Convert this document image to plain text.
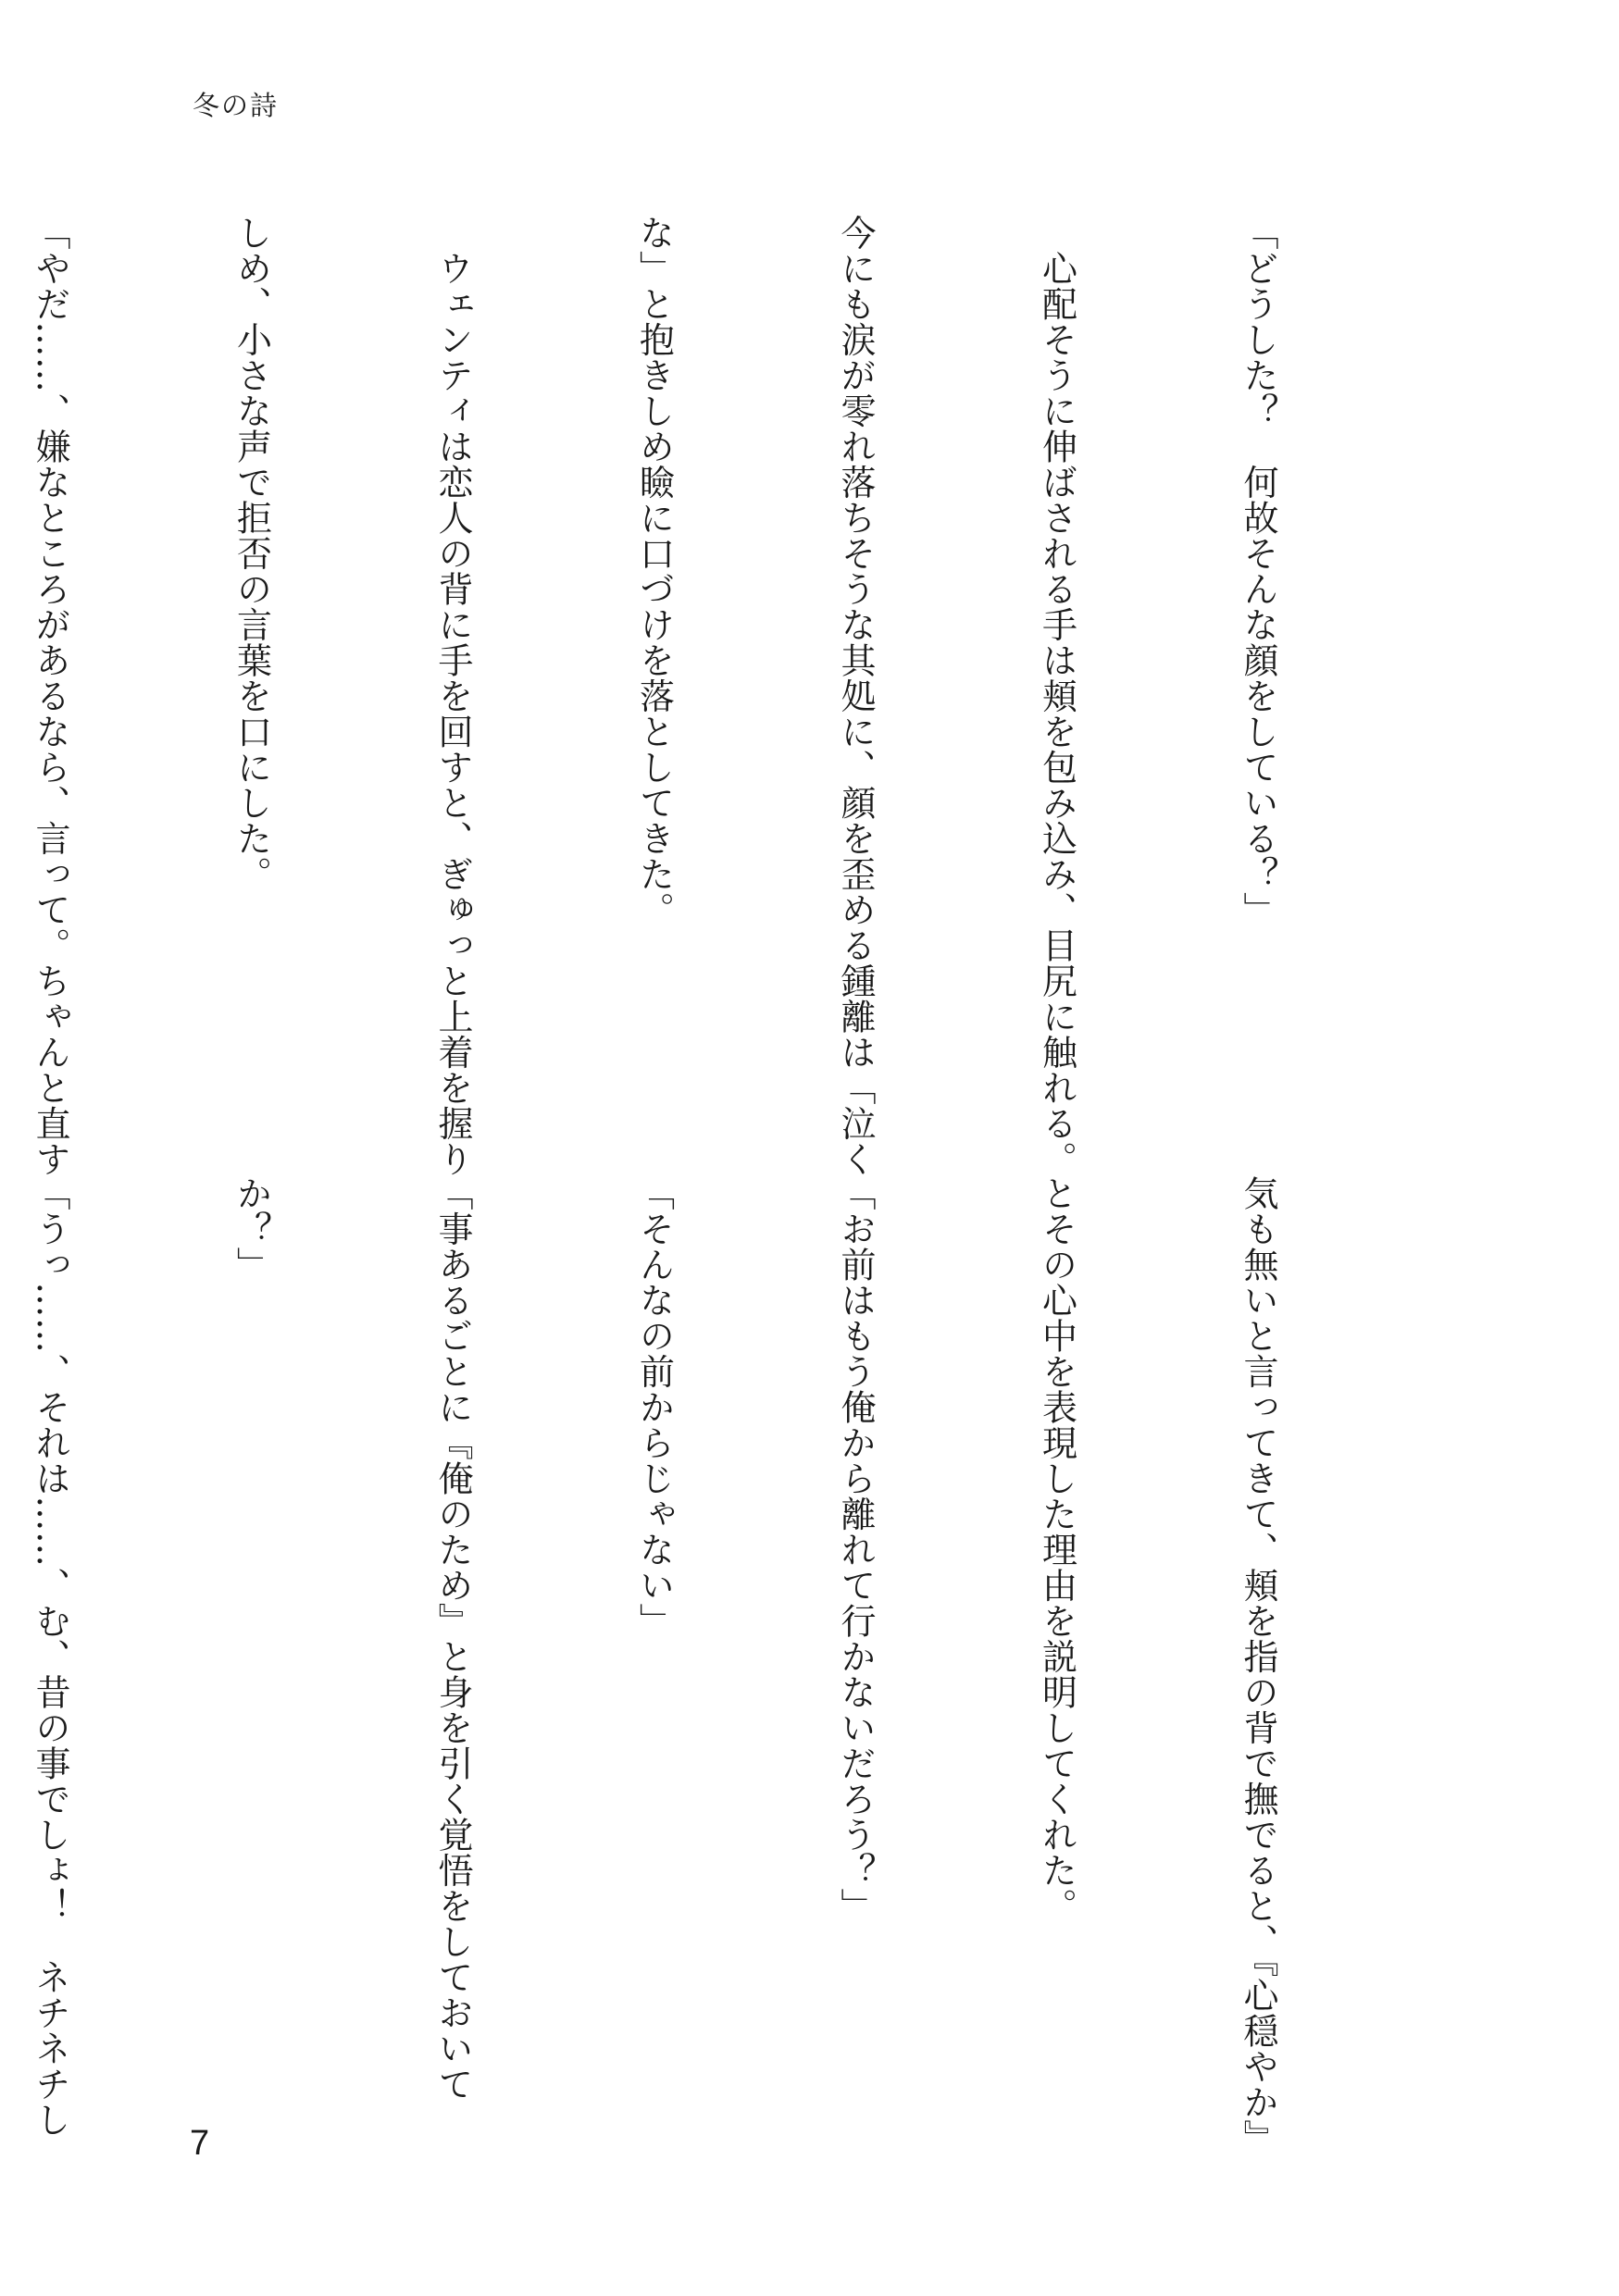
冬の詩

「どうした？　何故そんな顔をしている？」

　心配そうに伸ばされる手は頬を包み込み、目尻に触れる。

今にも涙が零れ落ちそうな其処に、顔を歪める鍾離は「泣く

な」と抱きしめ瞼に口づけを落としてきた。

　ウェンティは恋人の背に手を回すと、ぎゅっと上着を握り

しめ、小さな声で拒否の言葉を口にした。

「やだ……、嫌なところがあるなら、言って。ちゃんと直す

気も無いと言ってきて、頬を指の背で撫でると、『心穏やか』

とその心中を表現した理由を説明してくれた。

「お前はもう俺から離れて行かないだろう？」

「そんなの前からじゃない」

「事あるごとに『俺のため』と身を引く覚悟をしておいて

か？」

「うっ……、それは……、む、昔の事でしょ！　ネチネチし

7
